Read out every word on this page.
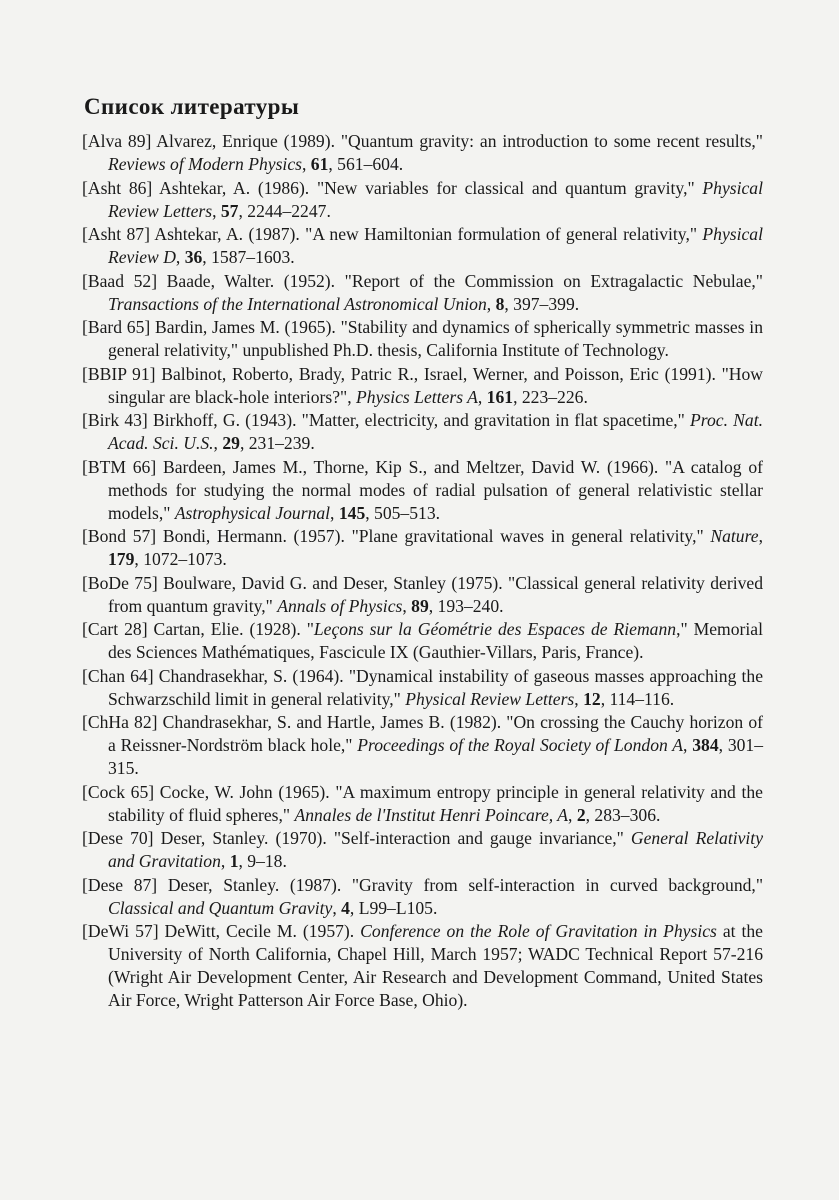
Список литературы
[Alva 89] Alvarez, Enrique (1989). "Quantum gravity: an introduction to some recent results," Reviews of Modern Physics, 61, 561–604.
[Asht 86] Ashtekar, A. (1986). "New variables for classical and quantum gravity," Physical Review Letters, 57, 2244–2247.
[Asht 87] Ashtekar, A. (1987). "A new Hamiltonian formulation of general relativity," Physical Review D, 36, 1587–1603.
[Baad 52] Baade, Walter. (1952). "Report of the Commission on Extragalactic Nebulae," Transactions of the International Astronomical Union, 8, 397–399.
[Bard 65] Bardin, James M. (1965). "Stability and dynamics of spherically symmetric masses in general relativity," unpublished Ph.D. thesis, California Institute of Technology.
[BBIP 91] Balbinot, Roberto, Brady, Patric R., Israel, Werner, and Poisson, Eric (1991). "How singular are black-hole interiors?", Physics Letters A, 161, 223–226.
[Birk 43] Birkhoff, G. (1943). "Matter, electricity, and gravitation in flat spacetime," Proc. Nat. Acad. Sci. U.S., 29, 231–239.
[BTM 66] Bardeen, James M., Thorne, Kip S., and Meltzer, David W. (1966). "A catalog of methods for studying the normal modes of radial pulsation of general relativistic stellar models," Astrophysical Journal, 145, 505–513.
[Bond 57] Bondi, Hermann. (1957). "Plane gravitational waves in general relativity," Nature, 179, 1072–1073.
[BoDe 75] Boulware, David G. and Deser, Stanley (1975). "Classical general relativity derived from quantum gravity," Annals of Physics, 89, 193–240.
[Cart 28] Cartan, Elie. (1928). "Leçons sur la Géométrie des Espaces de Riemann," Memorial des Sciences Mathématiques, Fascicule IX (Gauthier-Villars, Paris, France).
[Chan 64] Chandrasekhar, S. (1964). "Dynamical instability of gaseous masses approaching the Schwarzschild limit in general relativity," Physical Review Letters, 12, 114–116.
[ChHa 82] Chandrasekhar, S. and Hartle, James B. (1982). "On crossing the Cauchy horizon of a Reissner-Nordström black hole," Proceedings of the Royal Society of London A, 384, 301–315.
[Cock 65] Cocke, W. John (1965). "A maximum entropy principle in general relativity and the stability of fluid spheres," Annales de l'Institut Henri Poincare, A, 2, 283–306.
[Dese 70] Deser, Stanley. (1970). "Self-interaction and gauge invariance," General Relativity and Gravitation, 1, 9–18.
[Dese 87] Deser, Stanley. (1987). "Gravity from self-interaction in curved background," Classical and Quantum Gravity, 4, L99–L105.
[DeWi 57] DeWitt, Cecile M. (1957). Conference on the Role of Gravitation in Physics at the University of North California, Chapel Hill, March 1957; WADC Technical Report 57-216 (Wright Air Development Center, Air Research and Development Command, United States Air Force, Wright Patterson Air Force Base, Ohio).
